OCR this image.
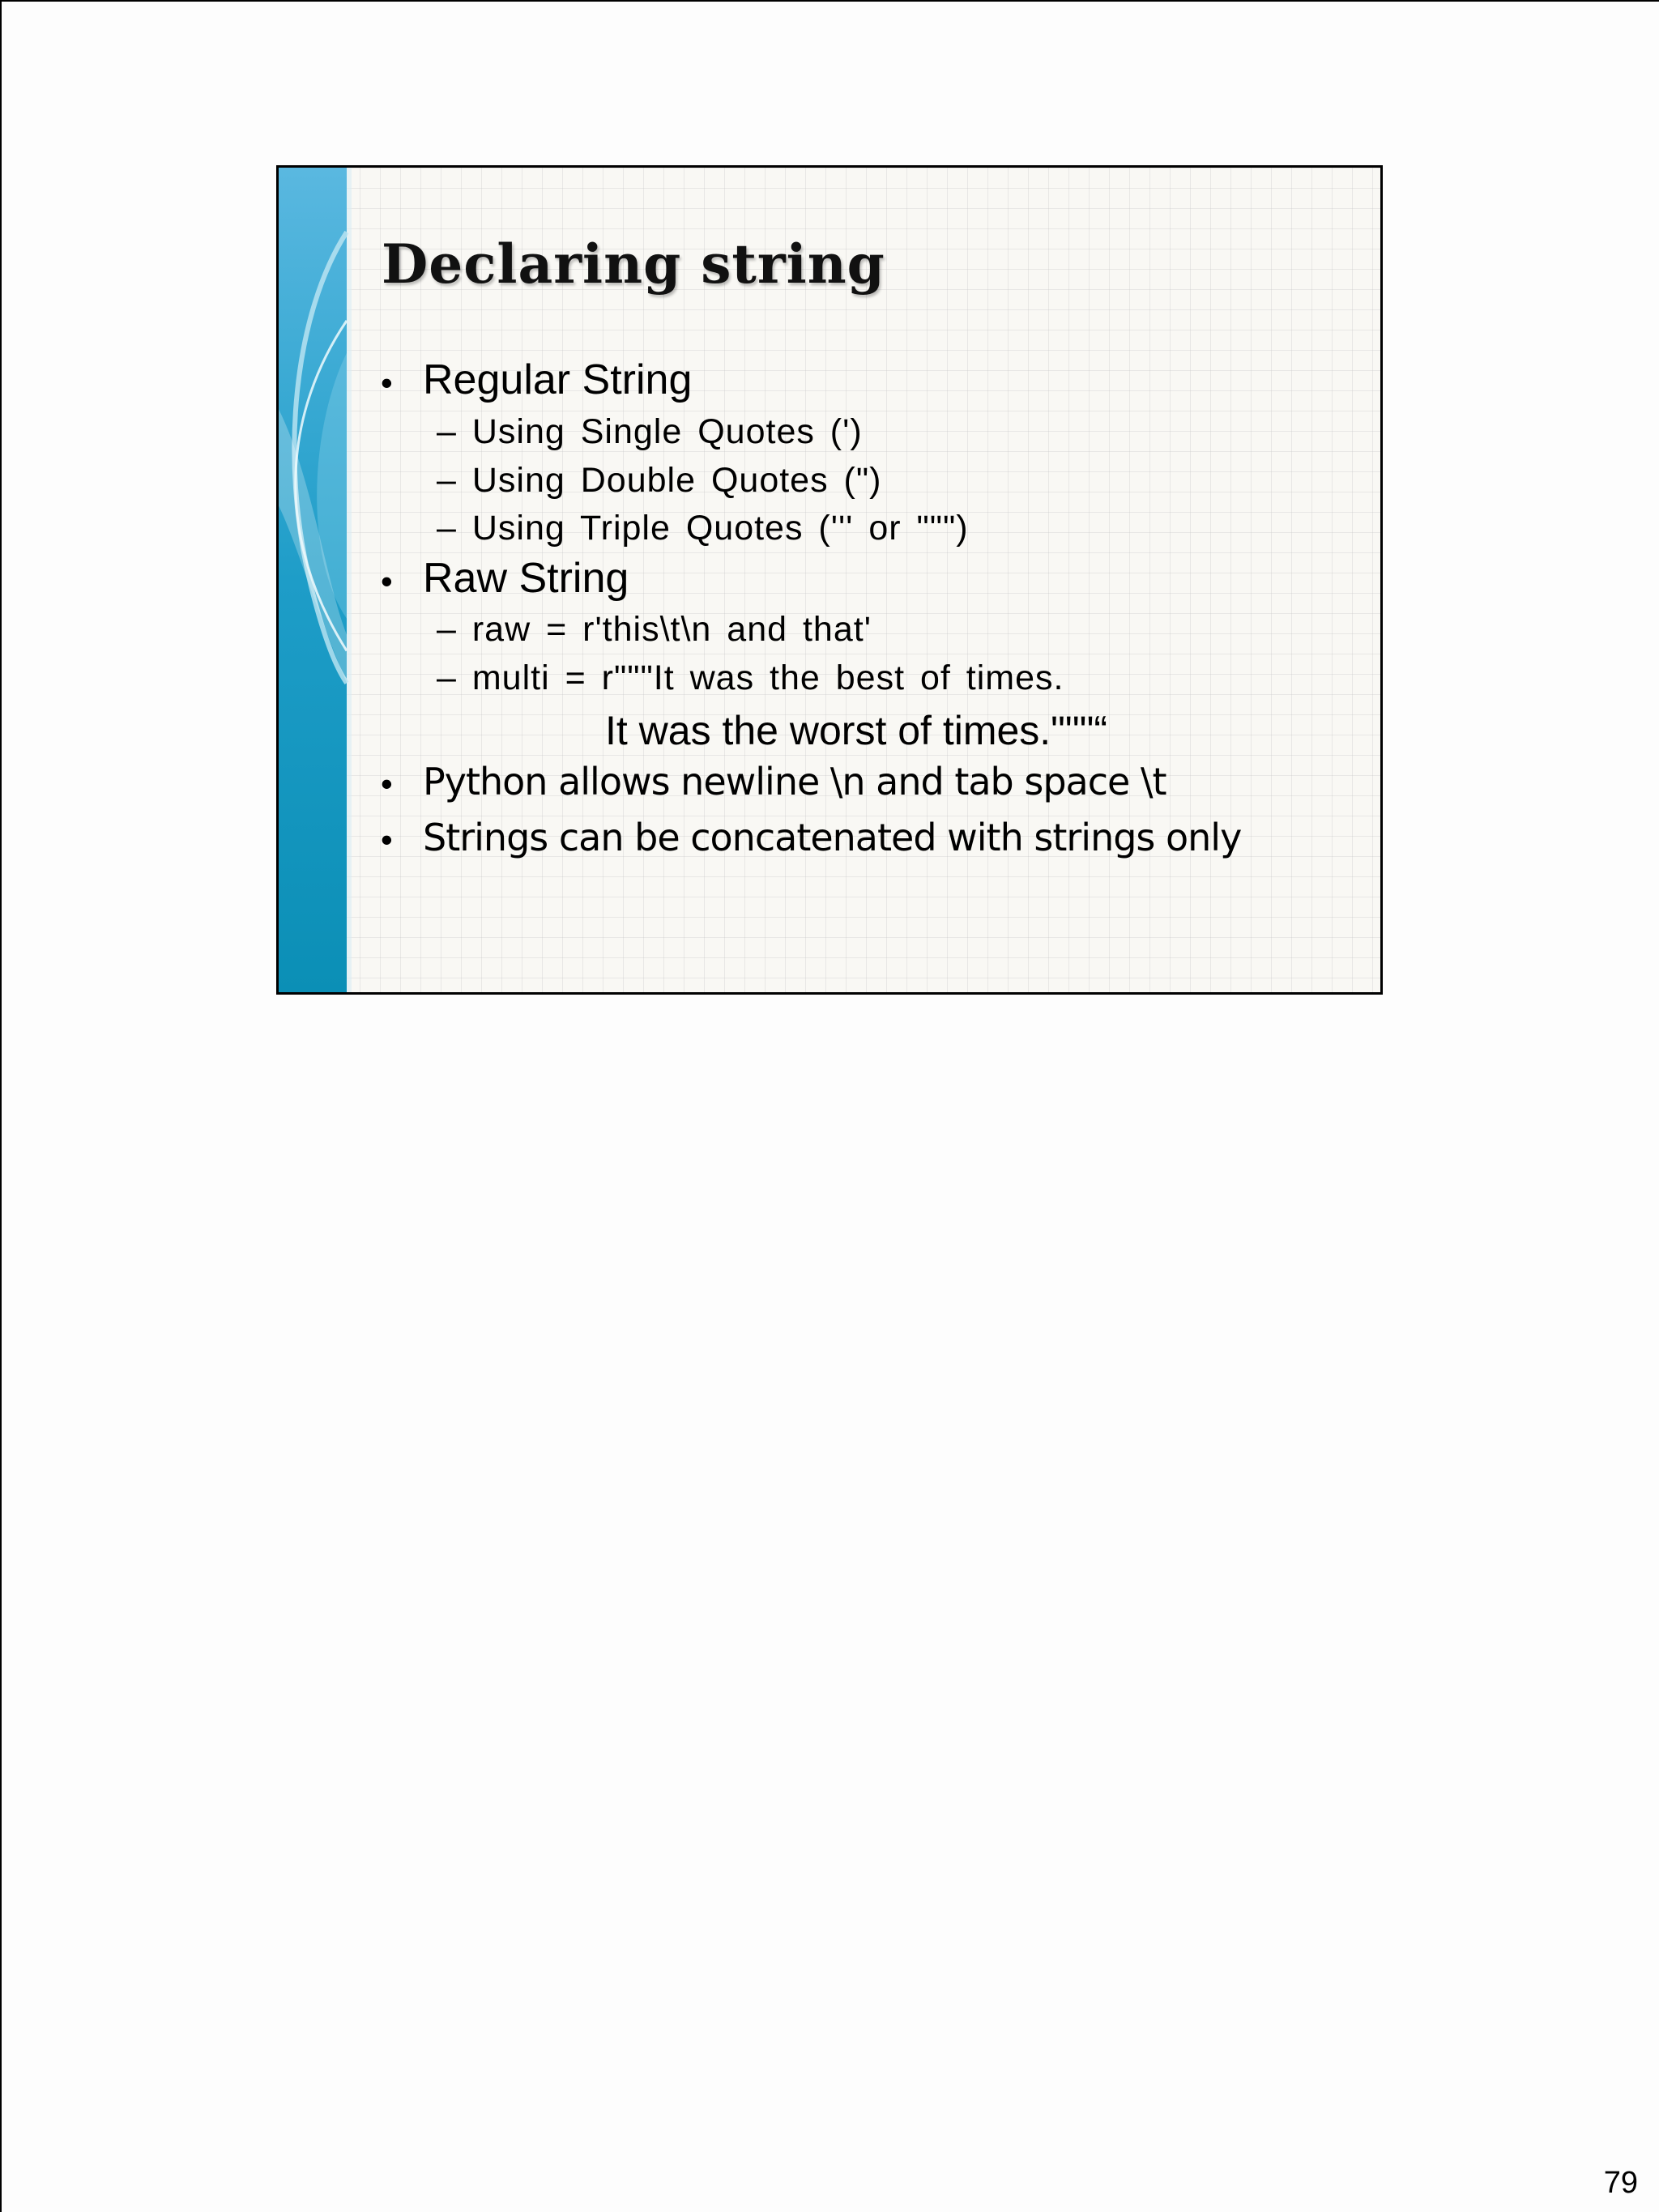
Declaring string
• Regular String
– Using Single Quotes (')
– Using Double Quotes (")
– Using Triple Quotes (''' or """)
• Raw String
– raw = r'this\t\n and that'
– multi = r"""It was the best of times.
It was the worst of times."""“
• Python allows newline \n and tab space \t
• Strings can be concatenated with strings only
79
